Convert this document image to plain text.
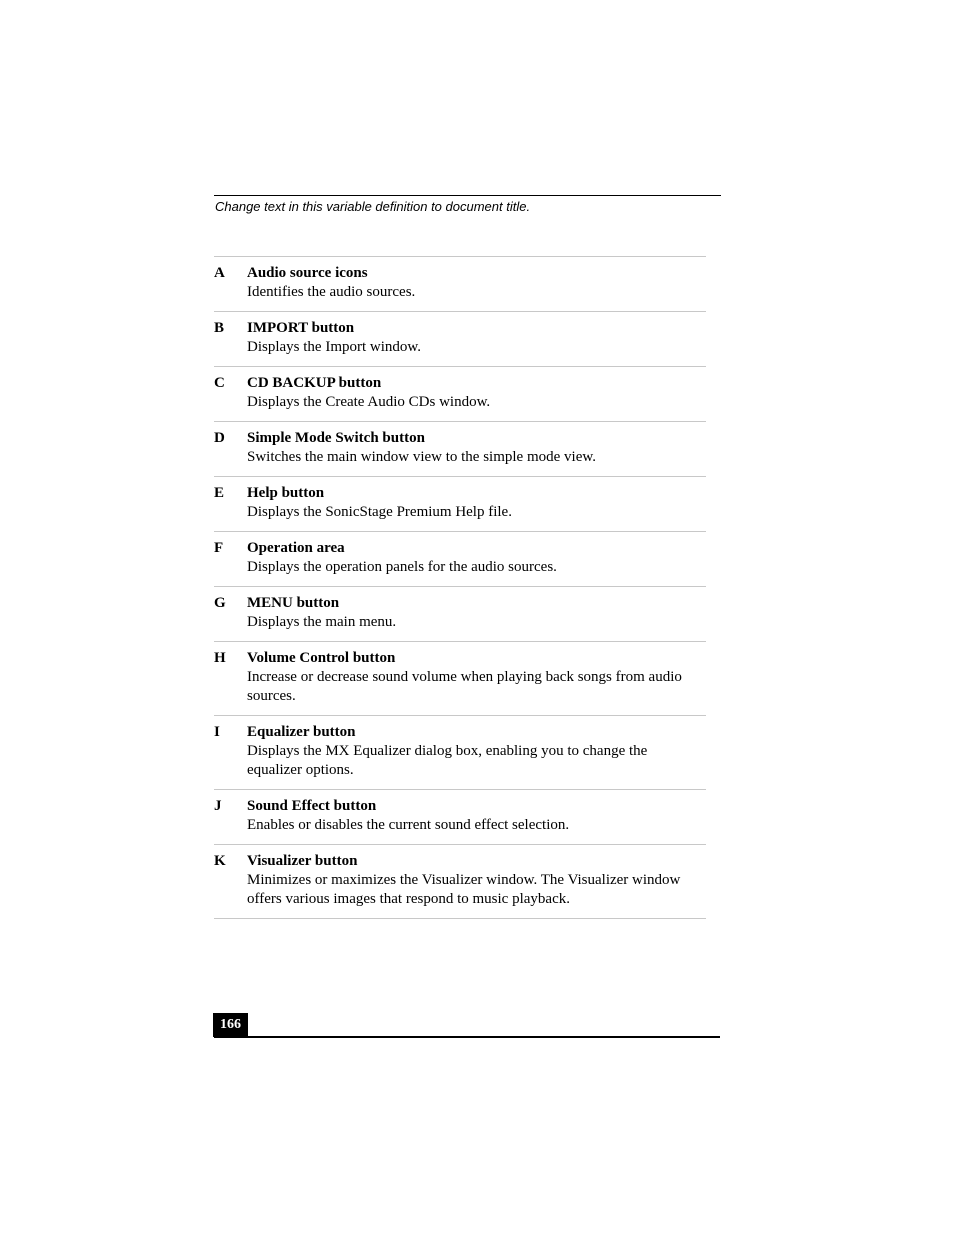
Change text in this variable definition to document title.
A Audio source icons
Identifies the audio sources.
B IMPORT button
Displays the Import window.
C CD BACKUP button
Displays the Create Audio CDs window.
D Simple Mode Switch button
Switches the main window view to the simple mode view.
E Help button
Displays the SonicStage Premium Help file.
F Operation area
Displays the operation panels for the audio sources.
G MENU button
Displays the main menu.
H Volume Control button
Increase or decrease sound volume when playing back songs from audio sources.
I Equalizer button
Displays the MX Equalizer dialog box, enabling you to change the equalizer options.
J Sound Effect button
Enables or disables the current sound effect selection.
K Visualizer button
Minimizes or maximizes the Visualizer window. The Visualizer window offers various images that respond to music playback.
166
